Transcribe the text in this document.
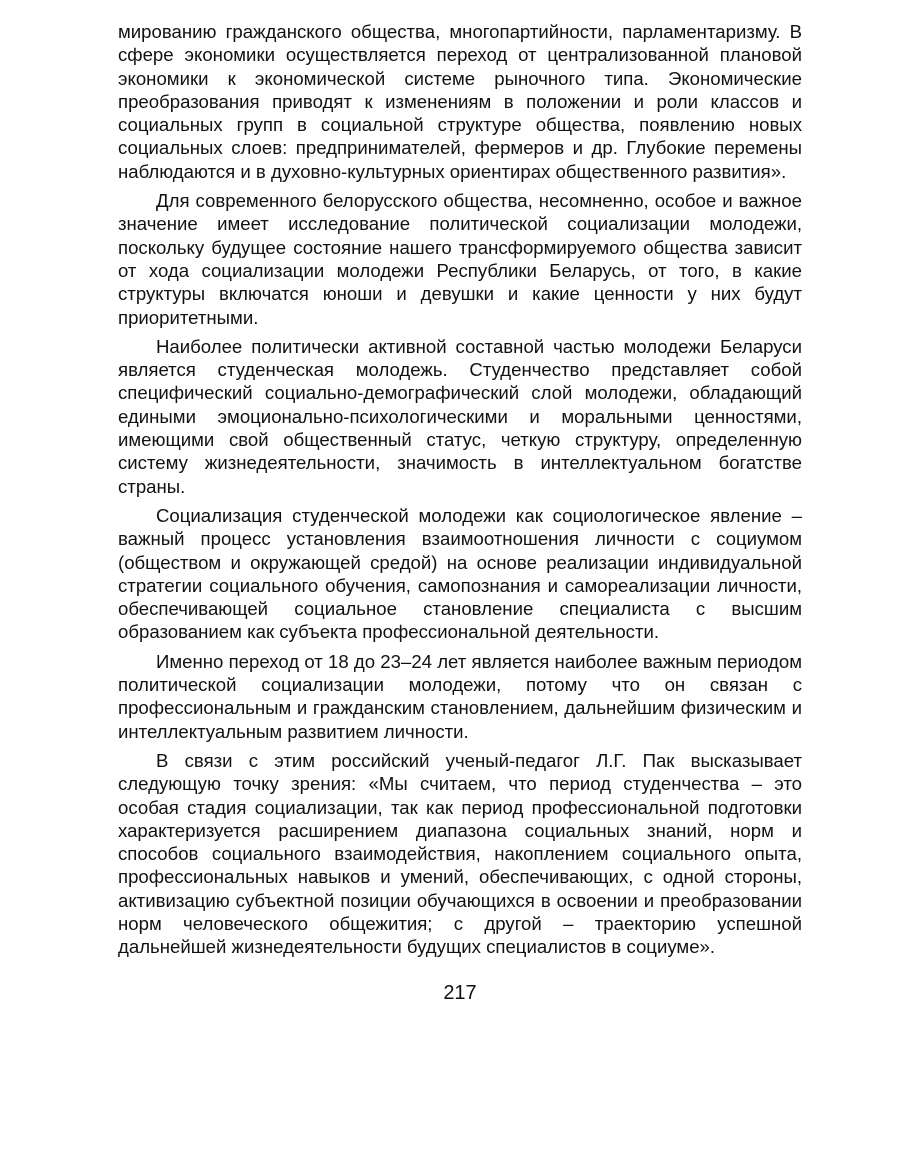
мированию гражданского общества, многопартийности, парламентаризму. В сфере экономики осуществляется переход от централизованной плановой экономики к экономической системе рыночного типа. Экономические преобразования приводят к изменениям в положении и роли классов и социальных групп в социальной структуре общества, появлению новых социальных слоев: предпринимателей, фермеров и др. Глубокие перемены наблюдаются и в духовно-культурных ориентирах общественного развития».

Для современного белорусского общества, несомненно, особое и важное значение имеет исследование политической социализации молодежи, поскольку будущее состояние нашего трансформируемого общества зависит от хода социализации молодежи Республики Беларусь, от того, в какие структуры включатся юноши и девушки и какие ценности у них будут приоритетными.

Наиболее политически активной составной частью молодежи Беларуси является студенческая молодежь. Студенчество представляет собой специфический социально-демографический слой молодежи, обладающий едиными эмоционально-психологическими и моральными ценностями, имеющими свой общественный статус, четкую структуру, определенную систему жизнедеятельности, значимость в интеллектуальном богатстве страны.

Социализация студенческой молодежи как социологическое явление – важный процесс установления взаимоотношения личности с социумом (обществом и окружающей средой) на основе реализации индивидуальной стратегии социального обучения, самопознания и самореализации личности, обеспечивающей социальное становление специалиста с высшим образованием как субъекта профессиональной деятельности.

Именно переход от 18 до 23–24 лет является наиболее важным периодом политической социализации молодежи, потому что он связан с профессиональным и гражданским становлением, дальнейшим физическим и интеллектуальным развитием личности.

В связи с этим российский ученый-педагог Л.Г. Пак высказывает следующую точку зрения: «Мы считаем, что период студенчества – это особая стадия социализации, так как период профессиональной подготовки характеризуется расширением диапазона социальных знаний, норм и способов социального взаимодействия, накоплением социального опыта, профессиональных навыков и умений, обеспечивающих, с одной стороны, активизацию субъектной позиции обучающихся в освоении и преобразовании норм человеческого общежития; с другой – траекторию успешной дальнейшей жизнедеятельности будущих специалистов в социуме».

217
